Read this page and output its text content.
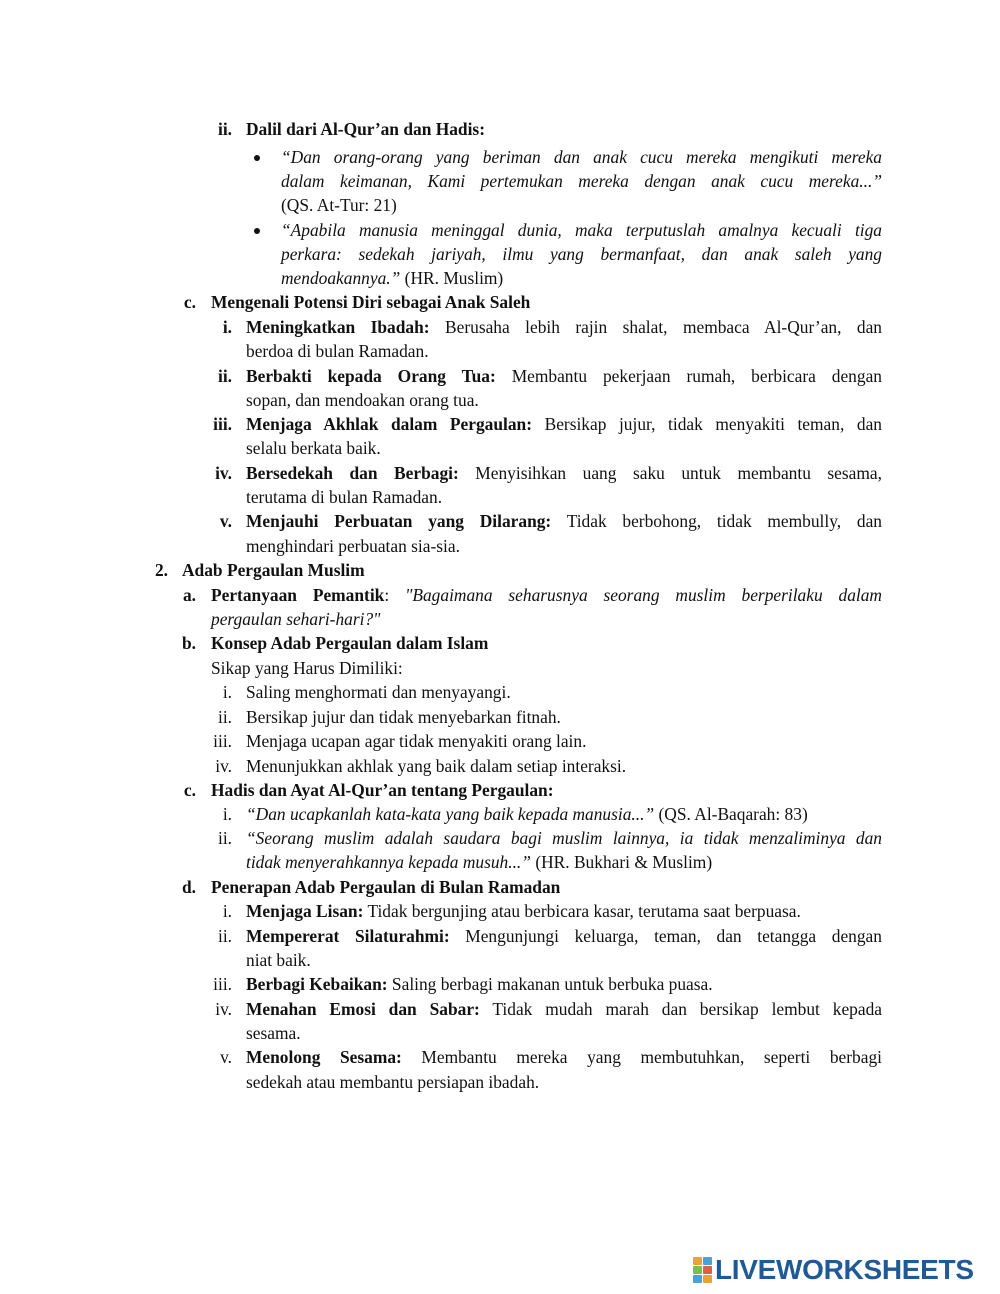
ii. Dalil dari Al-Qur’an dan Hadis:
“Dan orang-orang yang beriman dan anak cucu mereka mengikuti mereka
dalam keimanan, Kami pertemukan mereka dengan anak cucu mereka...”
(QS. At-Tur: 21)
“Apabila manusia meninggal dunia, maka terputuslah amalnya kecuali tiga
perkara: sedekah jariyah, ilmu yang bermanfaat, dan anak saleh yang
mendoakannya.” (HR. Muslim)
c. Mengenali Potensi Diri sebagai Anak Saleh
i. Meningkatkan Ibadah: Berusaha lebih rajin shalat, membaca Al-Qur’an, dan
berdoa di bulan Ramadan.
ii. Berbakti kepada Orang Tua: Membantu pekerjaan rumah, berbicara dengan
sopan, dan mendoakan orang tua.
iii. Menjaga Akhlak dalam Pergaulan: Bersikap jujur, tidak menyakiti teman, dan
selalu berkata baik.
iv. Bersedekah dan Berbagi: Menyisihkan uang saku untuk membantu sesama,
terutama di bulan Ramadan.
v. Menjauhi Perbuatan yang Dilarang: Tidak berbohong, tidak membully, dan
menghindari perbuatan sia-sia.
2. Adab Pergaulan Muslim
a. Pertanyaan Pemantik: "Bagaimana seharusnya seorang muslim berperilaku dalam
pergaulan sehari-hari?"
b. Konsep Adab Pergaulan dalam Islam
Sikap yang Harus Dimiliki:
i. Saling menghormati dan menyayangi.
ii. Bersikap jujur dan tidak menyebarkan fitnah.
iii. Menjaga ucapan agar tidak menyakiti orang lain.
iv. Menunjukkan akhlak yang baik dalam setiap interaksi.
c. Hadis dan Ayat Al-Qur’an tentang Pergaulan:
i. “Dan ucapkanlah kata-kata yang baik kepada manusia...” (QS. Al-Baqarah: 83)
ii. “Seorang muslim adalah saudara bagi muslim lainnya, ia tidak menzaliminya dan
tidak menyerahkannya kepada musuh...” (HR. Bukhari & Muslim)
d. Penerapan Adab Pergaulan di Bulan Ramadan
i. Menjaga Lisan: Tidak bergunjing atau berbicara kasar, terutama saat berpuasa.
ii. Mempererat Silaturahmi: Mengunjungi keluarga, teman, dan tetangga dengan
niat baik.
iii. Berbagi Kebaikan: Saling berbagi makanan untuk berbuka puasa.
iv. Menahan Emosi dan Sabar: Tidak mudah marah dan bersikap lembut kepada
sesama.
v. Menolong Sesama: Membantu mereka yang membutuhkan, seperti berbagi
sedekah atau membantu persiapan ibadah.
LIVEWORKSHEETS
